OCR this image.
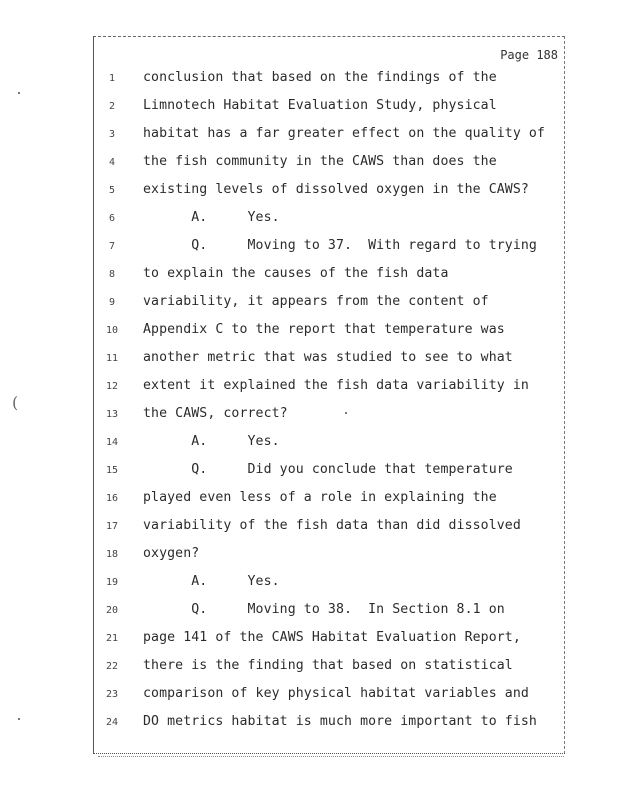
Page 188
1	conclusion that based on the findings of the
2	Limnotech Habitat Evaluation Study, physical
3	habitat has a far greater effect on the quality of
4	the fish community in the CAWS than does the
5	existing levels of dissolved oxygen in the CAWS?
6	A.     Yes.
7	Q.     Moving to 37.  With regard to trying
8	to explain the causes of the fish data
9	variability, it appears from the content of
10	Appendix C to the report that temperature was
11	another metric that was studied to see to what
12	extent it explained the fish data variability in
13	the CAWS, correct?
14	A.     Yes.
15	Q.     Did you conclude that temperature
16	played even less of a role in explaining the
17	variability of the fish data than did dissolved
18	oxygen?
19	A.     Yes.
20	Q.     Moving to 38.  In Section 8.1 on
21	page 141 of the CAWS Habitat Evaluation Report,
22	there is the finding that based on statistical
23	comparison of key physical habitat variables and
24	DO metrics habitat is much more important to fish
(
